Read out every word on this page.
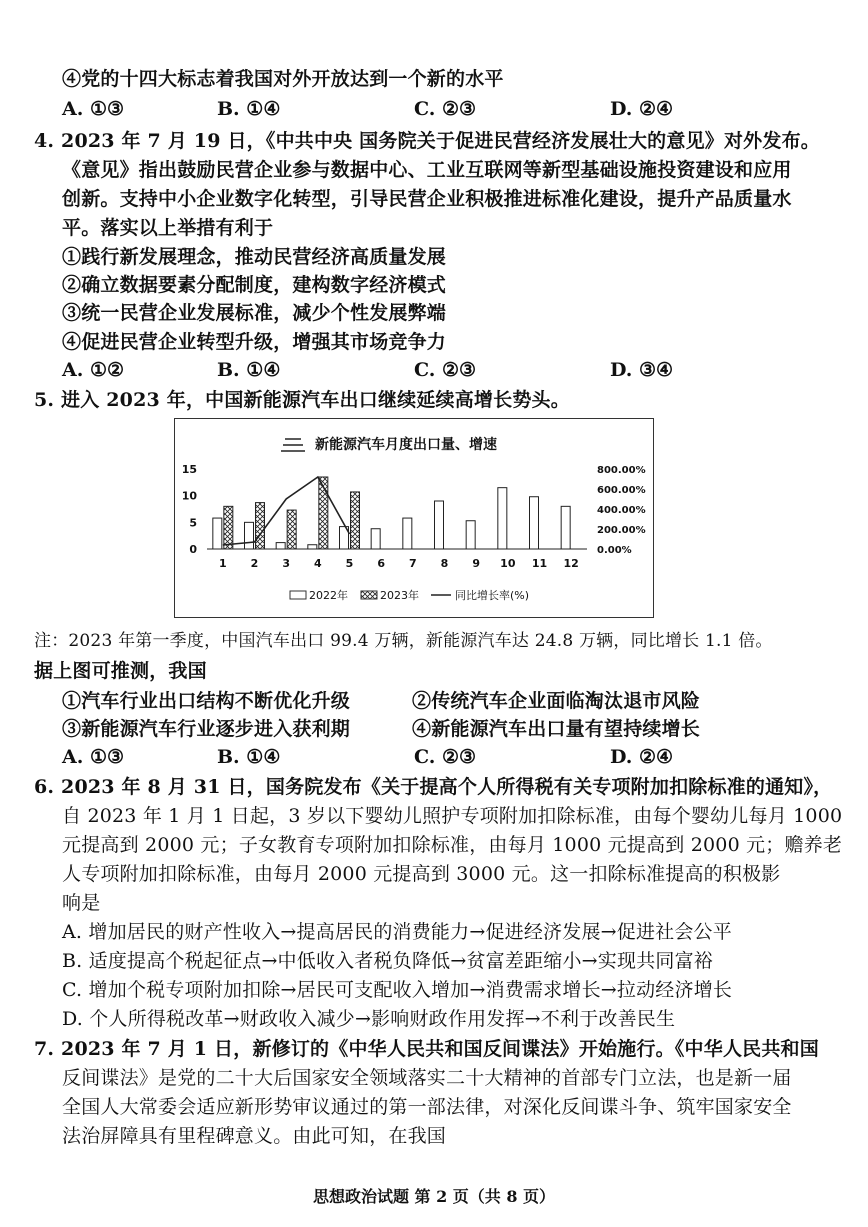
④党的十四大标志着我国对外开放达到一个新的水平
A. ①③	B. ①④	C. ②③	D. ②④
4. 2023 年 7 月 19 日，《中共中央 国务院关于促进民营经济发展壮大的意见》对外发布。
《意见》指出鼓励民营企业参与数据中心、工业互联网等新型基础设施投资建设和应用
创新。支持中小企业数字化转型，引导民营企业积极推进标准化建设，提升产品质量水
平。落实以上举措有利于
①践行新发展理念，推动民营经济高质量发展
②确立数据要素分配制度，建构数字经济模式
③统一民营企业发展标准，减少个性发展弊端
④促进民营企业转型升级，增强其市场竞争力
A. ①②	B. ①④	C. ②③	D. ③④
5. 进入 2023 年，中国新能源汽车出口继续延续高增长势头。
新能源汽车月度出口量、增速
0
5
10
15
0.00%
200.00%
400.00%
600.00%
800.00%
1 2 3 4 5 6 7 8 9 10 11 12
2022年	2023年	同比增长率(%)
注：2023 年第一季度，中国汽车出口 99.4 万辆，新能源汽车达 24.8 万辆，同比增长 1.1 倍。
据上图可推测，我国
①汽车行业出口结构不断优化升级	②传统汽车企业面临淘汰退市风险
③新能源汽车行业逐步进入获利期	④新能源汽车出口量有望持续增长
A. ①③	B. ①④	C. ②③	D. ②④
6. 2023 年 8 月 31 日，国务院发布《关于提高个人所得税有关专项附加扣除标准的通知》，
自 2023 年 1 月 1 日起，3 岁以下婴幼儿照护专项附加扣除标准，由每个婴幼儿每月 1000
元提高到 2000 元；子女教育专项附加扣除标准，由每月 1000 元提高到 2000 元；赡养老
人专项附加扣除标准，由每月 2000 元提高到 3000 元。这一扣除标准提高的积极影
响是
A. 增加居民的财产性收入→提高居民的消费能力→促进经济发展→促进社会公平
B. 适度提高个税起征点→中低收入者税负降低→贫富差距缩小→实现共同富裕
C. 增加个税专项附加扣除→居民可支配收入增加→消费需求增长→拉动经济增长
D. 个人所得税改革→财政收入减少→影响财政作用发挥→不利于改善民生
7. 2023 年 7 月 1 日，新修订的《中华人民共和国反间谍法》开始施行。《中华人民共和国
反间谍法》是党的二十大后国家安全领域落实二十大精神的首部专门立法，也是新一届
全国人大常委会适应新形势审议通过的第一部法律，对深化反间谍斗争、筑牢国家安全
法治屏障具有里程碑意义。由此可知，在我国
思想政治试题 第 2 页（共 8 页）
